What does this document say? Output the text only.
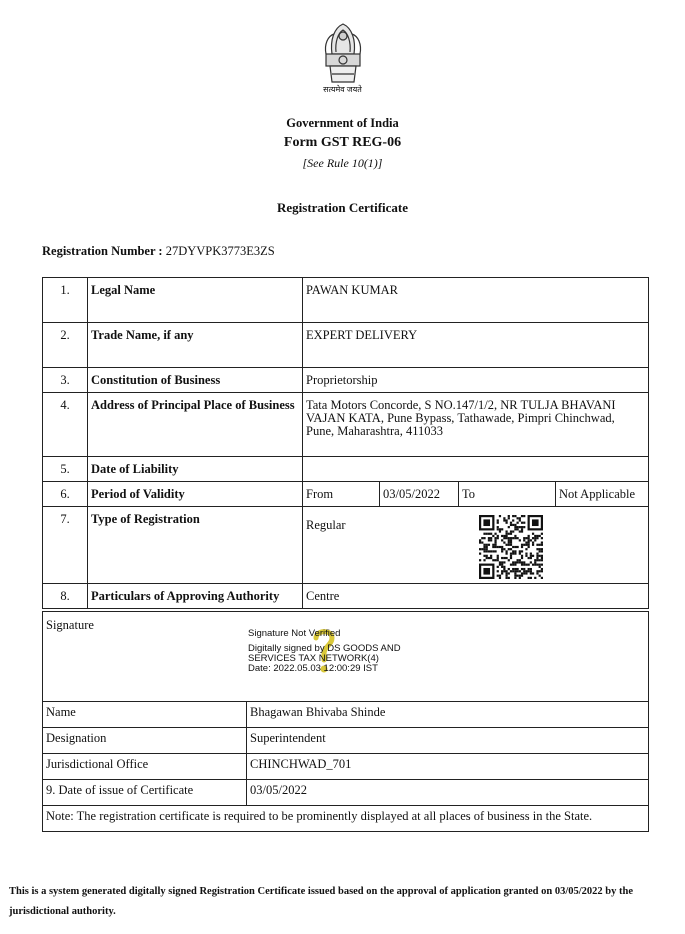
सत्यमेव जयते
Government of India
Form GST REG-06
[See Rule 10(1)]
Registration Certificate
Registration Number : 27DYVPK3773E3ZS
1.	Legal Name	PAWAN KUMAR			
2.	Trade Name, if any	EXPERT DELIVERY			
3.	Constitution of Business	Proprietorship			
4.	Address of Principal Place of Business	Tata Motors Concorde, S NO.147/1/2, NR TULJA BHAVANI VAJAN KATA, Pune Bypass, Tathawade, Pimpri Chinchwad, Pune, Maharashtra, 411033			
5.	Date of Liability				
6.	Period of Validity	From	03/05/2022	To	Not Applicable
7.	Type of Registration	Regular			
8.	Particulars of Approving Authority	Centre			
Signature
Signature Not Verified
Digitally signed by DS GOODS AND
SERVICES TAX NETWORK(4)
Date: 2022.05.03 12:00:29 IST
Name	Bhagawan Bhivaba Shinde
Designation	Superintendent
Jurisdictional Office	CHINCHWAD_701
9. Date of issue of Certificate	03/05/2022
Note: The registration certificate is required to be prominently displayed at all places of business in the State.	
This is a system generated digitally signed Registration Certificate issued based on the approval of application granted on 03/05/2022 by the jurisdictional authority.
